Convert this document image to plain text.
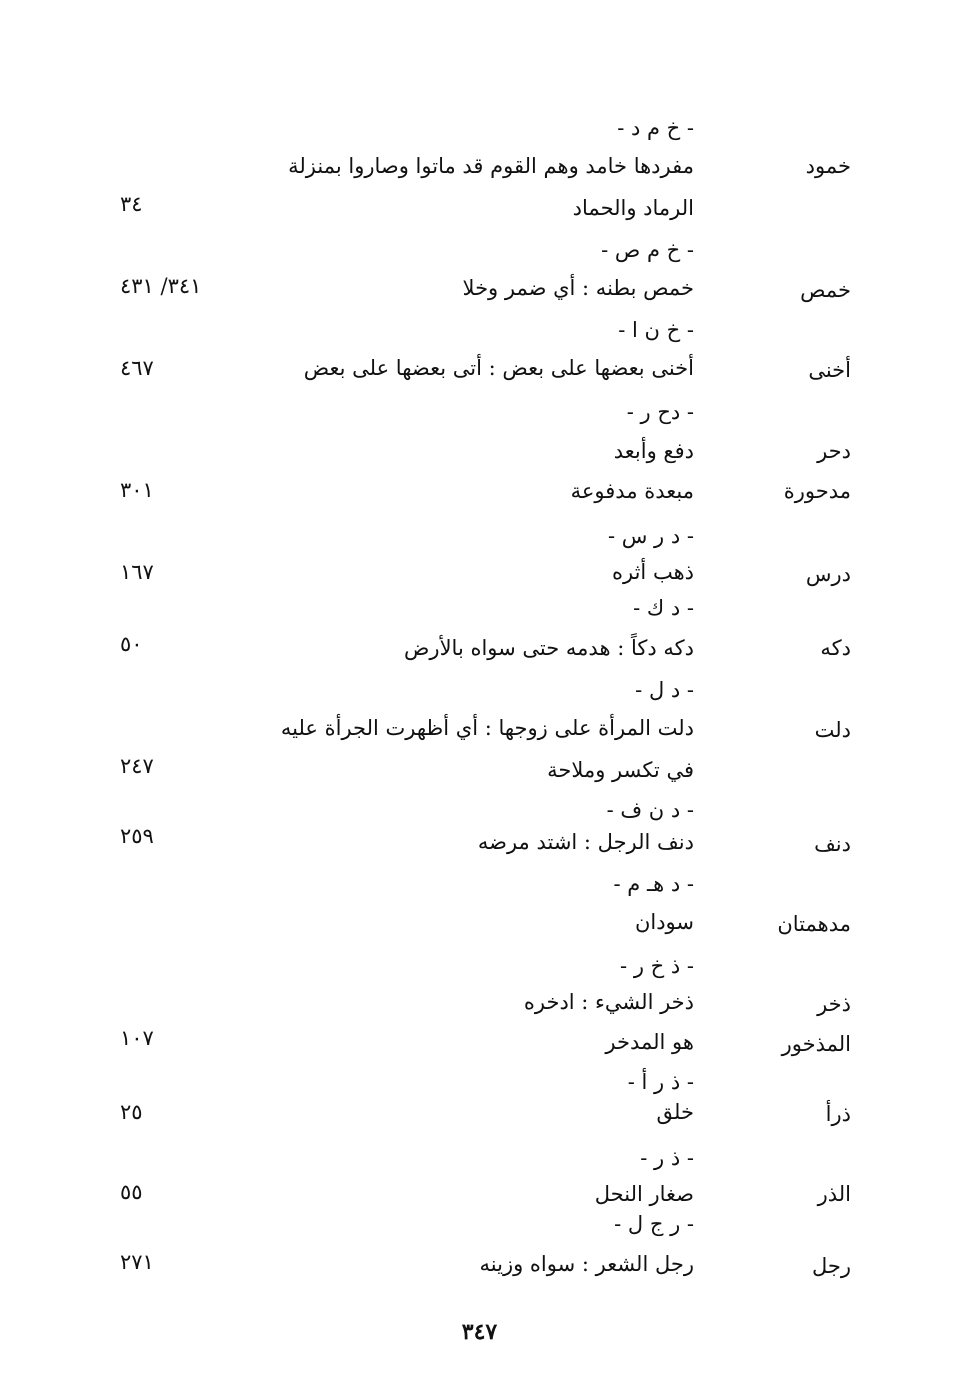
- خ م د -
خمود
مفردها خامد وهم القوم قد ماتوا وصاروا بمنزلة
الرماد والحماد
٣٤
- خ م ص -
خمص
خمص بطنه : أي ضمر وخلا
٣٤١/ ٤٣١
- خ ن ا -
أخنى
أخنى بعضها على بعض : أتى بعضها على بعض
٤٦٧
- دح ر -
دحر
دفع وأبعد
مدحورة
مبعدة مدفوعة
٣٠١
- د ر س -
درس
ذهب أثره
١٦٧
- د ك -
دكه
دكه دكاً : هدمه حتى سواه بالأرض
٥٠
- د ل -
دلت
دلت المرأة على زوجها : أي أظهرت الجرأة عليه
في تكسر وملاحة
٢٤٧
- د ن ف -
دنف
دنف الرجل : اشتد مرضه
٢٥٩
- د هـ م -
مدهمتان
سودان
- ذ خ ر -
ذخر
ذخر الشيء : ادخره
المذخور
هو المدخر
١٠٧
- ذ ر أ -
ذرأ
خلق
٢٥
- ذ ر -
الذر
صغار النحل
٥٥
- ر ج ل -
رجل
رجل الشعر : سواه وزينه
٢٧١
٣٤٧
